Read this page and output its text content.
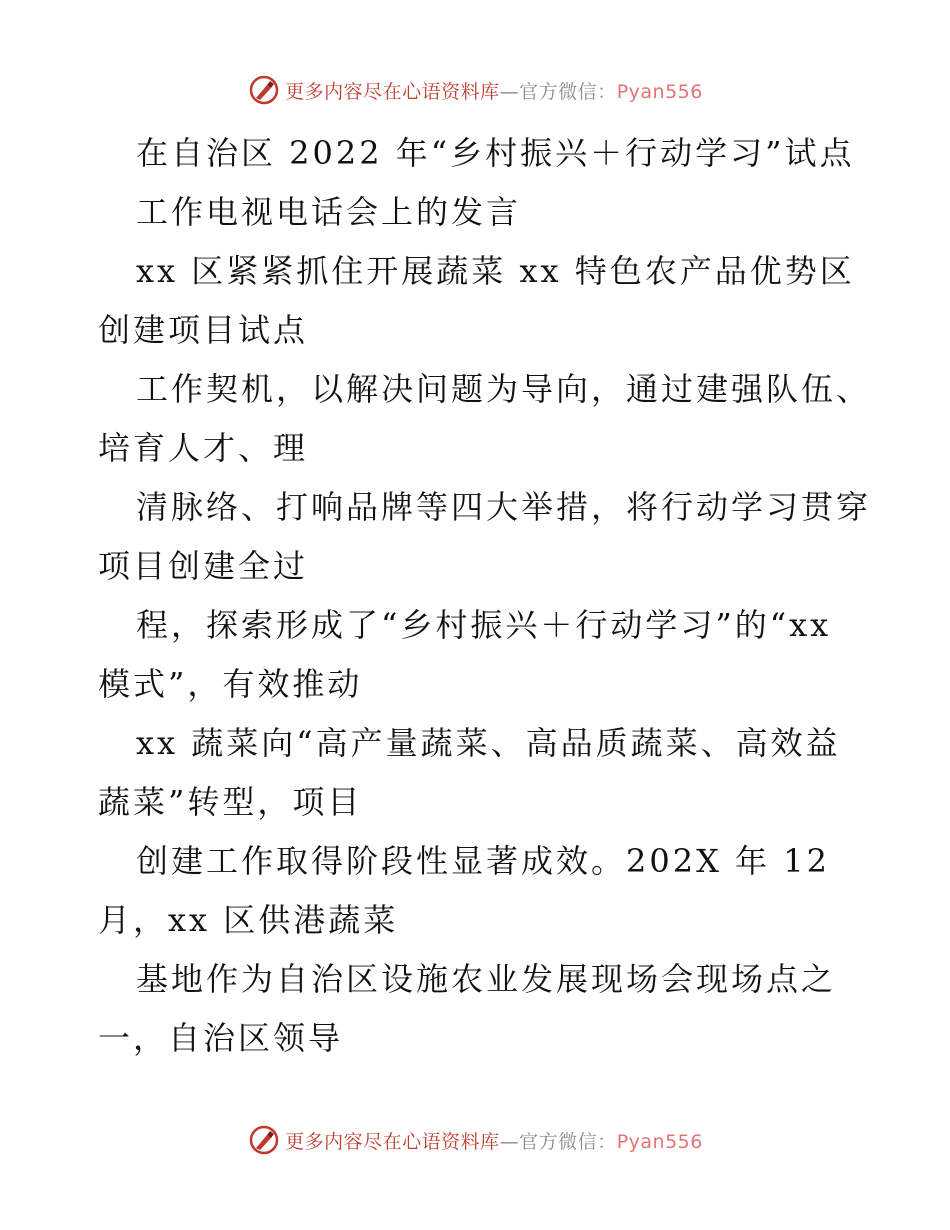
更多内容尽在心语资料库—官方微信：Pyan556
在自治区 2022 年“乡村振兴＋行动学习”试点
工作电视电话会上的发言
xx 区紧紧抓住开展蔬菜 xx 特色农产品优势区
创建项目试点
工作契机，以解决问题为导向，通过建强队伍、
培育人才、理
清脉络、打响品牌等四大举措，将行动学习贯穿
项目创建全过
程，探索形成了“乡村振兴＋行动学习”的“xx
模式”，有效推动
xx 蔬菜向“高产量蔬菜、高品质蔬菜、高效益
蔬菜”转型，项目
创建工作取得阶段性显著成效。202X 年 12
月，xx 区供港蔬菜
基地作为自治区设施农业发展现场会现场点之
一，自治区领导
更多内容尽在心语资料库—官方微信：Pyan556
